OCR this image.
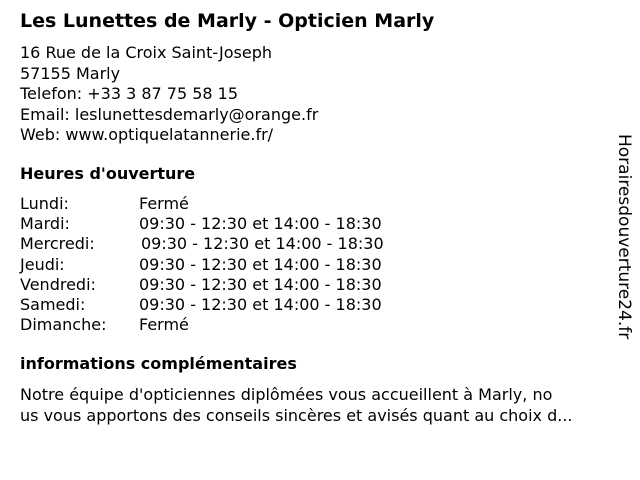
Les Lunettes de Marly - Opticien Marly
16 Rue de la Croix Saint-Joseph
57155 Marly
Telefon: +33 3 87 75 58 15
Email: leslunettesdemarly@orange.fr
Web: www.optiquelatannerie.fr/
Heures d'ouverture
Lundi:	Fermé
Mardi:	09:30 - 12:30 et 14:00 - 18:30
Mercredi:	09:30 - 12:30 et 14:00 - 18:30
Jeudi:	09:30 - 12:30 et 14:00 - 18:30
Vendredi:	09:30 - 12:30 et 14:00 - 18:30
Samedi:	09:30 - 12:30 et 14:00 - 18:30
Dimanche: Fermé
informations complémentaires
Notre équipe d'opticiennes diplômées vous accueillent à Marly, no
us vous apportons des conseils sincères et avisés quant au choix d...
Horairesdouverture24.fr
